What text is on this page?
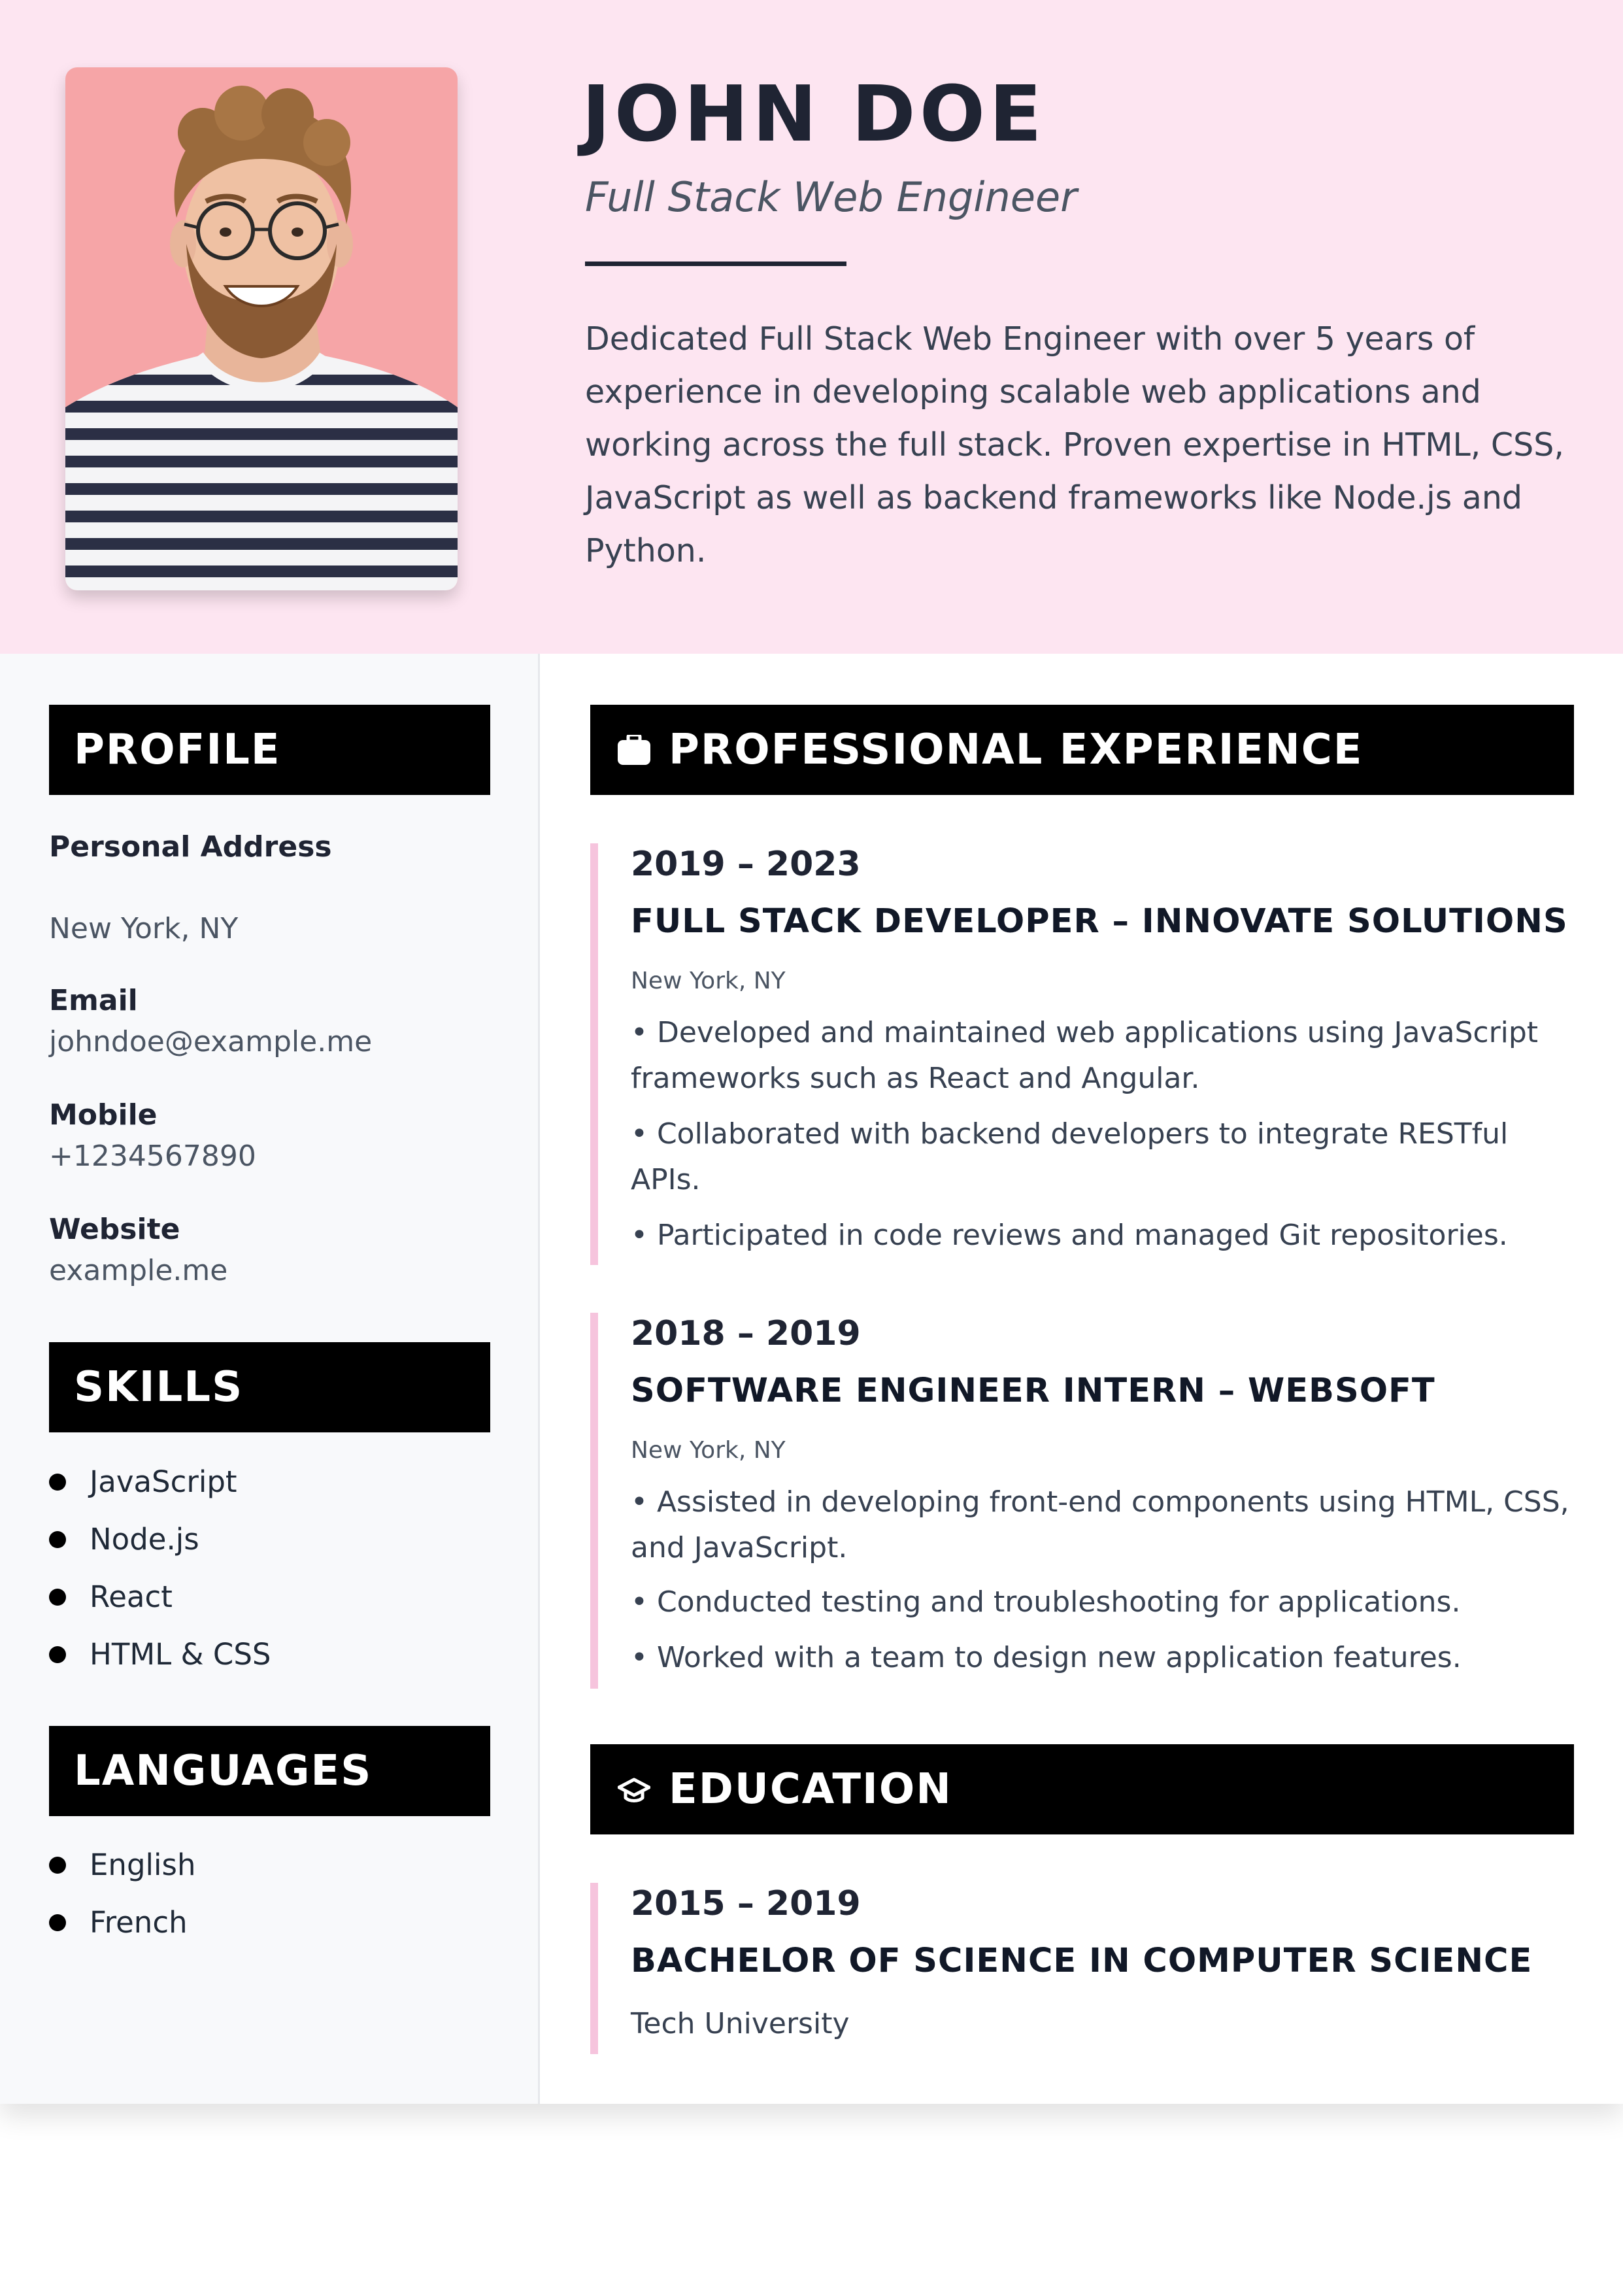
JOHN DOE
Full Stack Web Engineer
Dedicated Full Stack Web Engineer with over 5 years of experience in developing scalable web applications and working across the full stack. Proven expertise in HTML, CSS, JavaScript as well as backend frameworks like Node.js and Python.
PROFILE
Personal Address
New York, NY
Email
johndoe@example.me
Mobile
+1234567890
Website
example.me
SKILLS
JavaScript
Node.js
React
HTML & CSS
LANGUAGES
English
French
PROFESSIONAL EXPERIENCE
2019 – 2023
FULL STACK DEVELOPER – INNOVATE SOLUTIONS
New York, NY
• Developed and maintained web applications using JavaScript frameworks such as React and Angular.
• Collaborated with backend developers to integrate RESTful APIs.
• Participated in code reviews and managed Git repositories.
2018 – 2019
SOFTWARE ENGINEER INTERN – WEBSOFT
New York, NY
• Assisted in developing front-end components using HTML, CSS, and JavaScript.
• Conducted testing and troubleshooting for applications.
• Worked with a team to design new application features.
EDUCATION
2015 – 2019
BACHELOR OF SCIENCE IN COMPUTER SCIENCE
Tech University
